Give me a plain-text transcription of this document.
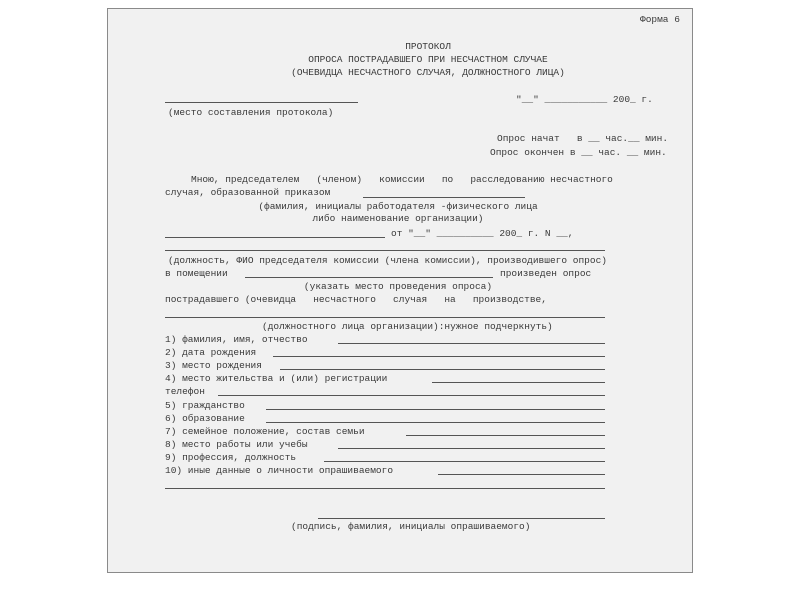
Форма 6
ПРОТОКОЛ
ОПРОСА ПОСТРАДАВШЕГО ПРИ НЕСЧАСТНОМ СЛУЧАЕ
(ОЧЕВИДЦА НЕСЧАСТНОГО СЛУЧАЯ, ДОЛЖНОСТНОГО ЛИЦА)
"__" ___________ 200_ г.
(место составления протокола)
Опрос начат   в __ час.__ мин.
Опрос окончен в __ час. __ мин.
Мною, председателем   (членом)   комиссии   по   расследованию несчастного
случая, образованной приказом
(фамилия, инициалы работодателя -физического лица
либо наименование организации)
от "__" __________ 200_ г. N __,
(должность, ФИО председателя комиссии (члена комиссии), производившего опрос)
в помещении	произведен опрос
(указать место проведения опроса)
пострадавшего (очевидца   несчастного   случая   на   производстве,
(должностного лица организации):нужное подчеркнуть)
1) фамилия, имя, отчество
2) дата рождения
3) место рождения
4) место жительства и (или) регистрации
телефон
5) гражданство
6) образование
7) семейное положение, состав семьи
8) место работы или учебы
9) профессия, должность
10) иные данные о личности опрашиваемого
(подпись, фамилия, инициалы опрашиваемого)
